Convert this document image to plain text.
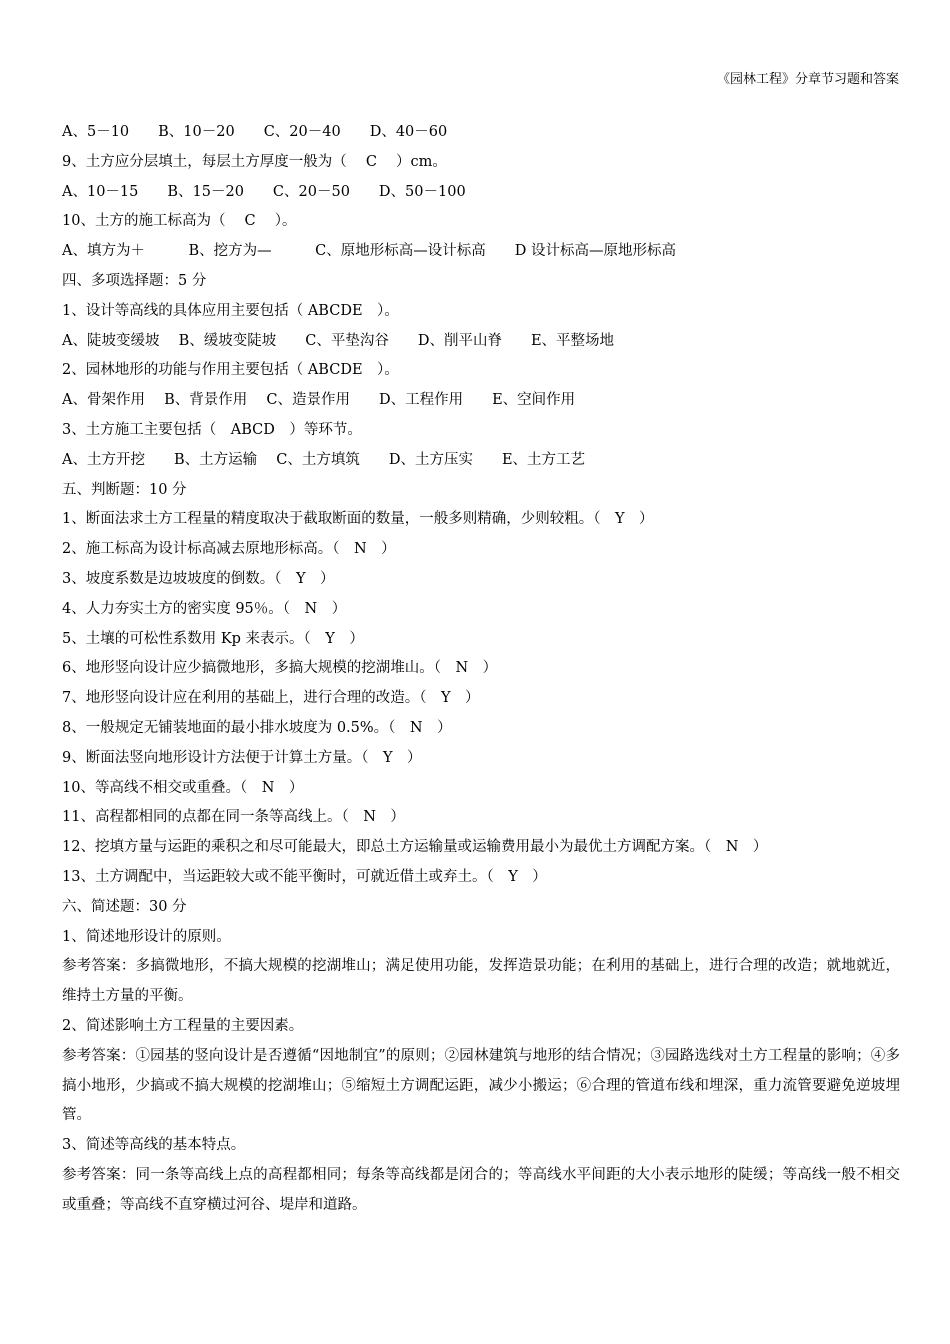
《园林工程》分章节习题和答案
A、5－10　　B、10－20　　C、20－40　　D、40－60
9、土方应分层填土，每层土方厚度一般为（　 C　 ）cm。
A、10－15　　B、15－20　　C、20－50　　D、50－100
10、土方的施工标高为（　 C　 ）。
A、填方为＋　　　B、挖方为—　　　C、原地形标高—设计标高　　D 设计标高—原地形标高
四、多项选择题：5 分
1、设计等高线的具体应用主要包括（ ABCDE　）。
A、陡坡变缓坡　 B、缓坡变陡坡　　C、平垫沟谷　　D、削平山脊　　E、平整场地
2、园林地形的功能与作用主要包括（ ABCDE　）。
A、骨架作用　 B、背景作用　 C、造景作用　　D、工程作用　　E、空间作用
3、土方施工主要包括（　ABCD　）等环节。
A、土方开挖　　B、土方运输　 C、土方填筑　　D、土方压实　　E、土方工艺
五、判断题：10 分
1、断面法求土方工程量的精度取决于截取断面的数量，一般多则精确，少则较粗。（　Y　）
2、施工标高为设计标高减去原地形标高。（　N　）
3、坡度系数是边坡坡度的倒数。（　Y　）
4、人力夯实土方的密实度 95％。（　N　）
5、土壤的可松性系数用 Kp 来表示。（　Y　）
6、地形竖向设计应少搞微地形，多搞大规模的挖湖堆山。（　N　）
7、地形竖向设计应在利用的基础上，进行合理的改造。（　Y　）
8、一般规定无铺装地面的最小排水坡度为 0.5%。（　N　）
9、断面法竖向地形设计方法便于计算土方量。（　Y　）
10、等高线不相交或重叠。（　N　）
11、高程都相同的点都在同一条等高线上。（　N　）
12、挖填方量与运距的乘积之和尽可能最大，即总土方运输量或运输费用最小为最优土方调配方案。（　N　）
13、土方调配中，当运距较大或不能平衡时，可就近借土或弃土。（　Y　）
六、简述题：30 分
1、简述地形设计的原则。
参考答案：多搞微地形，不搞大规模的挖湖堆山；满足使用功能，发挥造景功能；在利用的基础上，进行合理的改造；就地就近，维持土方量的平衡。
2、简述影响土方工程量的主要因素。
参考答案：①园基的竖向设计是否遵循“因地制宜”的原则；②园林建筑与地形的结合情况；③园路选线对土方工程量的影响；④多搞小地形，少搞或不搞大规模的挖湖堆山；⑤缩短土方调配运距，减少小搬运；⑥合理的管道布线和埋深，重力流管要避免逆坡埋管。
3、简述等高线的基本特点。
参考答案：同一条等高线上点的高程都相同；每条等高线都是闭合的；等高线水平间距的大小表示地形的陡缓；等高线一般不相交或重叠；等高线不直穿横过河谷、堤岸和道路。
